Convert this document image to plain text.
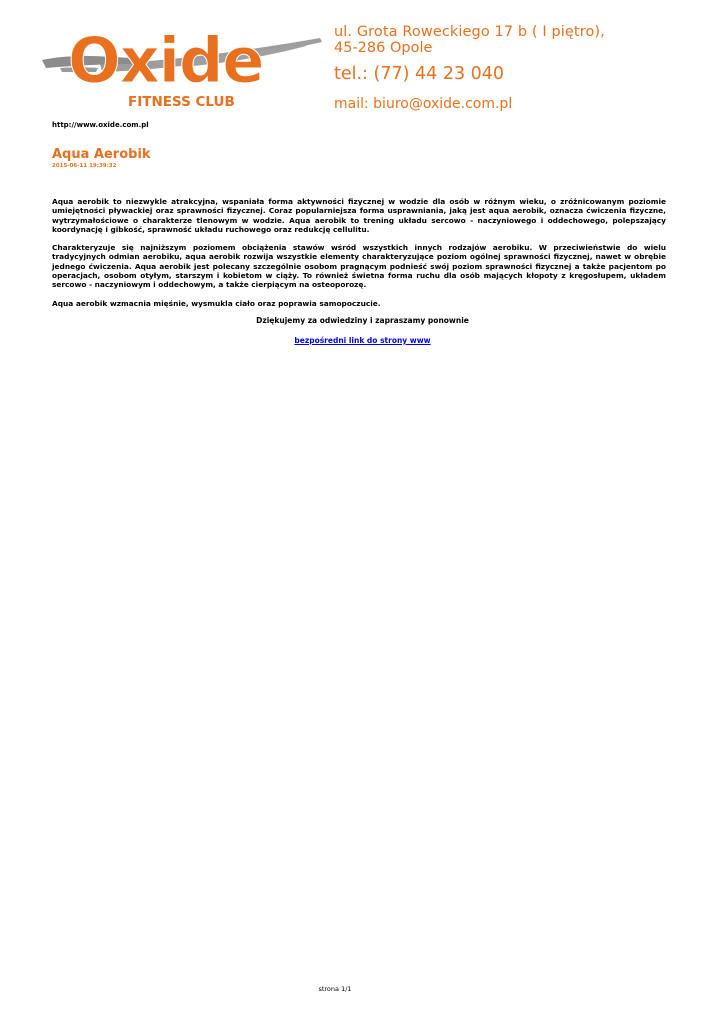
Oxide
FITNESS CLUB
ul. Grota Roweckiego 17 b ( I piętro),
45-286 Opole
tel.: (77) 44 23 040
mail: biuro@oxide.com.pl
http://www.oxide.com.pl
Aqua Aerobik
2015-06-11 19:39:32

Aqua aerobik to niezwykle atrakcyjna, wspaniała forma aktywności fizycznej w wodzie dla osób w różnym wieku, o zróżnicowanym poziomie umiejętności pływackiej oraz sprawności fizycznej. Coraz popularniejsza forma usprawniania, jaką jest aqua aerobik, oznacza ćwiczenia fizyczne, wytrzymałościowe o charakterze tlenowym w wodzie. Aqua aerobik to trening układu sercowo - naczyniowego i oddechowego, polepszający koordynację i gibkość, sprawność układu ruchowego oraz redukcję cellulitu.

Charakteryzuje się najniższym poziomem obciążenia stawów wśród wszystkich innych rodzajów aerobiku. W przeciwieństwie do wielu tradycyjnych odmian aerobiku, aqua aerobik rozwija wszystkie elementy charakteryzujące poziom ogólnej sprawności fizycznej, nawet w obrębie jednego ćwiczenia. Aqua aerobik jest polecany szczególnie osobom pragnącym podnieść swój poziom sprawności fizycznej a także pacjentom po operacjach, osobom otyłym, starszym i kobietom w ciąży. To również świetna forma ruchu dla osób mających kłopoty z kręgosłupem, układem sercowo - naczyniowym i oddechowym, a także cierpiącym na osteoporozę.

Aqua aerobik wzmacnia mięśnie, wysmukla ciało oraz poprawia samopoczucie.

Dziękujemy za odwiedziny i zapraszamy ponownie
bezpośredni link do strony www
strona 1/1
